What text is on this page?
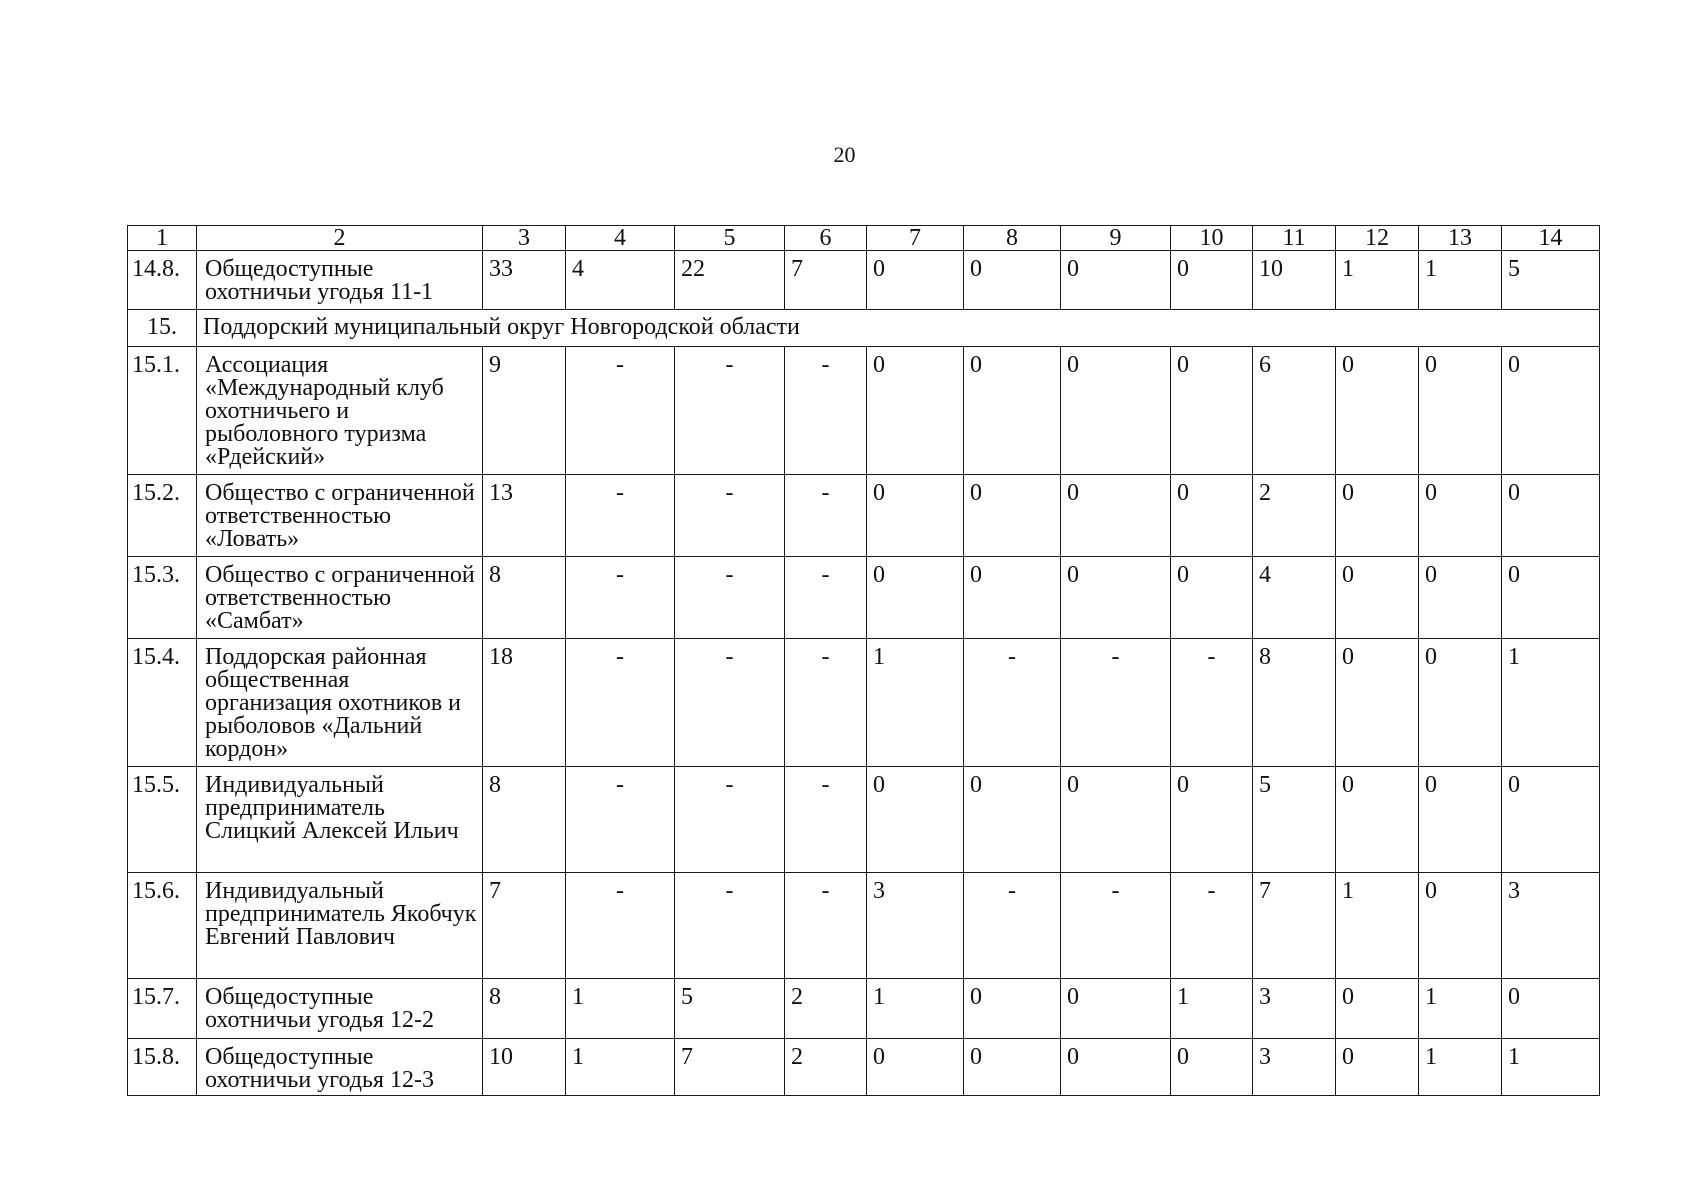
20
1	2	3	4	5	6	7	8	9	10	11	12	13	14
14.8.	Общедоступные охотничьи угодья 11-1	33	4	22	7	0	0	0	0	10	1	1	5
15.	Поддорский муниципальный округ Новгородской области												
15.1.	Ассоциация «Международный клуб охотничьего и рыболовного туризма «Рдейский»	9	-	-	-	0	0	0	0	6	0	0	0
15.2.	Общество с ограниченной ответственностью «Ловать»	13	-	-	-	0	0	0	0	2	0	0	0
15.3.	Общество с ограниченной ответственностью «Самбат»	8	-	-	-	0	0	0	0	4	0	0	0
15.4.	Поддорская районная общественная организация охотников и рыболовов «Дальний кордон»	18	-	-	-	1	-	-	-	8	0	0	1
15.5.	Индивидуальный предприниматель Слицкий Алексей Ильич	8	-	-	-	0	0	0	0	5	0	0	0
15.6.	Индивидуальный предприниматель Якобчук Евгений Павлович	7	-	-	-	3	-	-	-	7	1	0	3
15.7.	Общедоступные охотничьи угодья 12-2	8	1	5	2	1	0	0	1	3	0	1	0
15.8.	Общедоступные охотничьи угодья 12-3	10	1	7	2	0	0	0	0	3	0	1	1
